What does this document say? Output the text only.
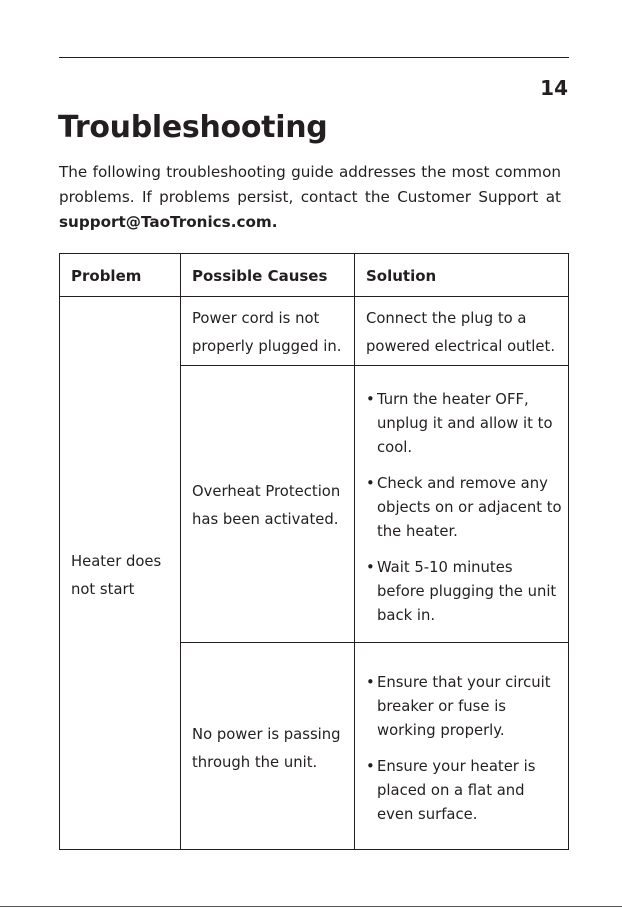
14
Troubleshooting

The following troubleshooting guide addresses the most common problems. If problems persist, contact the Customer Support at support@TaoTronics.com.

Problem	Possible Causes	Solution
Heater does not start
Power cord is not properly plugged in.
Connect the plug to a powered electrical outlet.
Overheat Protection has been activated.
• Turn the heater OFF, unplug it and allow it to cool.
• Check and remove any objects on or adjacent to the heater.
• Wait 5-10 minutes before plugging the unit back in.
No power is passing through the unit.
• Ensure that your circuit breaker or fuse is working properly.
• Ensure your heater is placed on a flat and even surface.
